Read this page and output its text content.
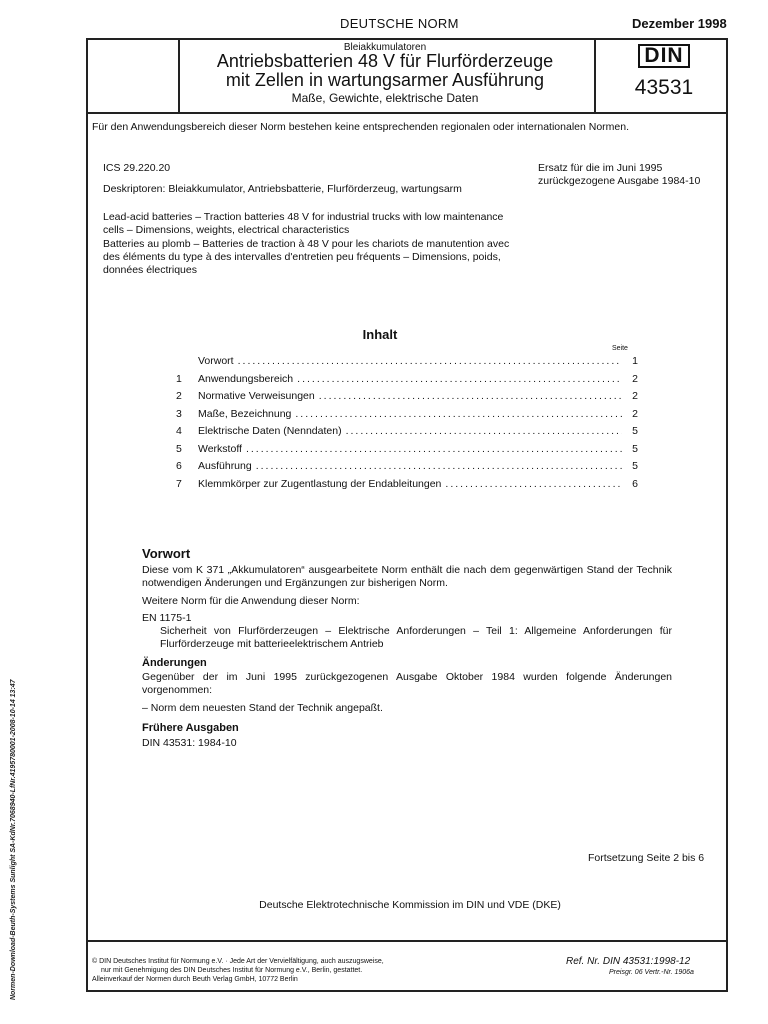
DEUTSCHE NORM	Dezember 1998
Bleiakkumulatoren
Antriebsbatterien 48 V für Flurförderzeuge
mit Zellen in wartungsarmer Ausführung
Maße, Gewichte, elektrische Daten
DIN
43531
Für den Anwendungsbereich dieser Norm bestehen keine entsprechenden regionalen oder internationalen Normen.
ICS 29.220.20	Ersatz für die im Juni 1995
zurückgezogene Ausgabe 1984-10
Deskriptoren: Bleiakkumulator, Antriebsbatterie, Flurförderzeug, wartungsarm
Lead-acid batteries – Traction batteries 48 V for industrial trucks with low maintenance cells – Dimensions, weights, electrical characteristics
Batteries au plomb – Batteries de traction à 48 V pour les chariots de manutention avec des éléments du type à des intervalles d'entretien peu fréquents – Dimensions, poids, données électriques
Inhalt
Seite
Vorwort .....	1
1	Anwendungsbereich .....	2
2	Normative Verweisungen .....	2
3	Maße, Bezeichnung .....	2
4	Elektrische Daten (Nenndaten) .....	5
5	Werkstoff .....	5
6	Ausführung .....	5
7	Klemmkörper zur Zugentlastung der Endableitungen .....	6
Vorwort
Diese vom K 371 „Akkumulatoren“ ausgearbeitete Norm enthält die nach dem gegenwärtigen Stand der Technik notwendigen Änderungen und Ergänzungen zur bisherigen Norm.
Weitere Norm für die Anwendung dieser Norm:
EN 1175-1
Sicherheit von Flurförderzeugen – Elektrische Anforderungen – Teil 1: Allgemeine Anforderungen für Flurförderzeuge mit batterieelektrischem Antrieb
Änderungen
Gegenüber der im Juni 1995 zurückgezogenen Ausgabe Oktober 1984 wurden folgende Änderungen vorgenommen:
– Norm dem neuesten Stand der Technik angepaßt.
Frühere Ausgaben
DIN 43531: 1984-10
Fortsetzung Seite 2 bis 6
Deutsche Elektrotechnische Kommission im DIN und VDE (DKE)
© DIN Deutsches Institut für Normung e.V. · Jede Art der Vervielfältigung, auch auszugsweise,
nur mit Genehmigung des DIN Deutsches Institut für Normung e.V., Berlin, gestattet.
Alleinverkauf der Normen durch Beuth Verlag GmbH, 10772 Berlin
Ref. Nr. DIN 43531:1998-12
Preisgr. 06 Vertr.-Nr. 1906a
Normen-Download-Beuth-Systems Sunlight SA-KdNr.7068940-LfNr.4195780001-2008-10-14 13:47
